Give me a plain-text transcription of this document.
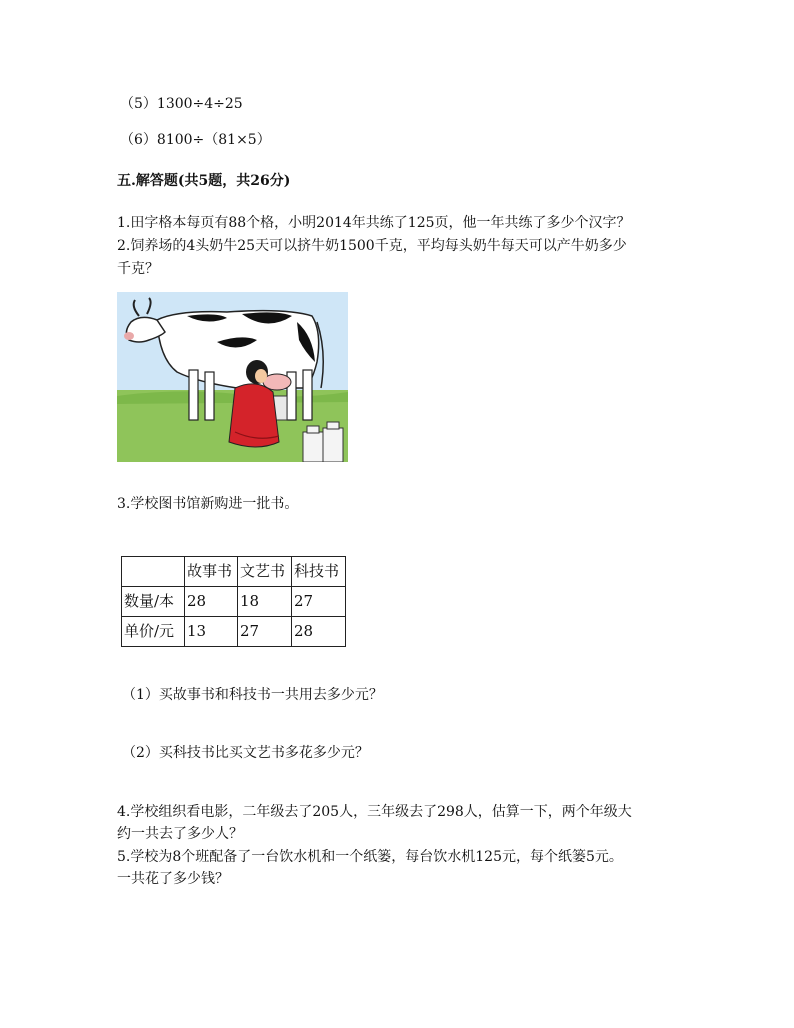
（5）1300÷4÷25
（6）8100÷（81×5）
五.解答题(共5题，共26分)
1.田字格本每页有88个格，小明2014年共练了125页，他一年共练了多少个汉字？
2.饲养场的4头奶牛25天可以挤牛奶1500千克，平均每头奶牛每天可以产牛奶多少
千克？
3.学校图书馆新购进一批书。
	故事书	文艺书	科技书
数量/本	28	18	27
单价/元	13	27	28
（1）买故事书和科技书一共用去多少元？
（2）买科技书比买文艺书多花多少元？
4.学校组织看电影，二年级去了205人，三年级去了298人，估算一下，两个年级大
约一共去了多少人？
5.学校为8个班配备了一台饮水机和一个纸篓，每台饮水机125元，每个纸篓5元。
一共花了多少钱？
